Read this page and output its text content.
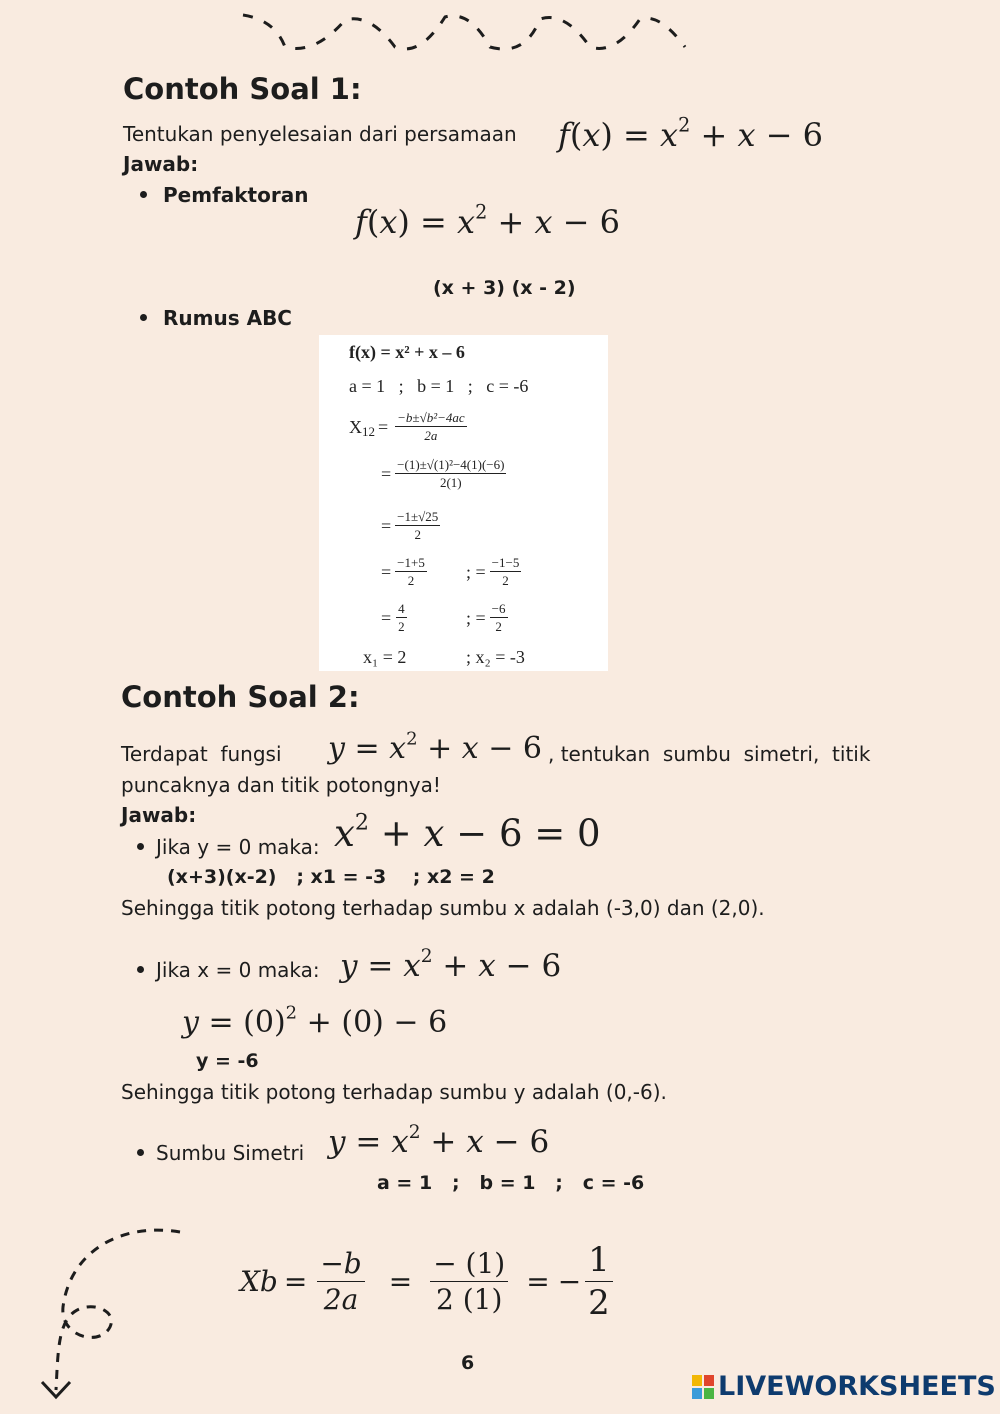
Contoh Soal 1:
Tentukan penyelesaian dari persamaan $f(x) = x^2 + x - 6$
Jawab:
Pemfaktoran
$f(x) = x^2 + x - 6$
(x + 3) (x - 2)
Rumus ABC
f(x) = x² + x – 6
a = 1   ;   b = 1   ;   c = -6
X $12 = \frac{\text{−b±√b²−4ac}}{2a}$
= $\frac{\text{−(1)±√(1)²−4(1)(−6)}}{2(1)}$
= $\frac{-1\pm√25}{2}$
= $\frac{-1+5}{2}$ ; = $\frac{-1-5}{2}$
= $\frac{4}{2}$	; = $\frac{-6}{2}$
x₁ = 2	; x₂ = -3
Contoh Soal 2:
Terdapat  fungsi $y = x^2 + x - 6$ , tentukan  sumbu  simetri,  titik
puncaknya dan titik potongnya!
Jawab:
Jika y = 0 maka: $x^2 + x - 6 = 0$
(x+3)(x-2)   ; x1 = -3    ; x2 = 2
Sehingga titik potong terhadap sumbu x adalah (-3,0) dan (2,0).
Jika x = 0 maka: $y = x^2 + x - 6$
$y = (0)^2 + (0) - 6$
y = -6
Sehingga titik potong terhadap sumbu y adalah (0,-6).
Sumbu Simetri $y = x^2 + x - 6$
a = 1   ;   b = 1   ;   c = -6
$Xb = \frac{-b}{2a} = \frac{- (1)}{2 (1)}$ = − $\frac{1}{2}$
6
LIVEWORKSHEETS
